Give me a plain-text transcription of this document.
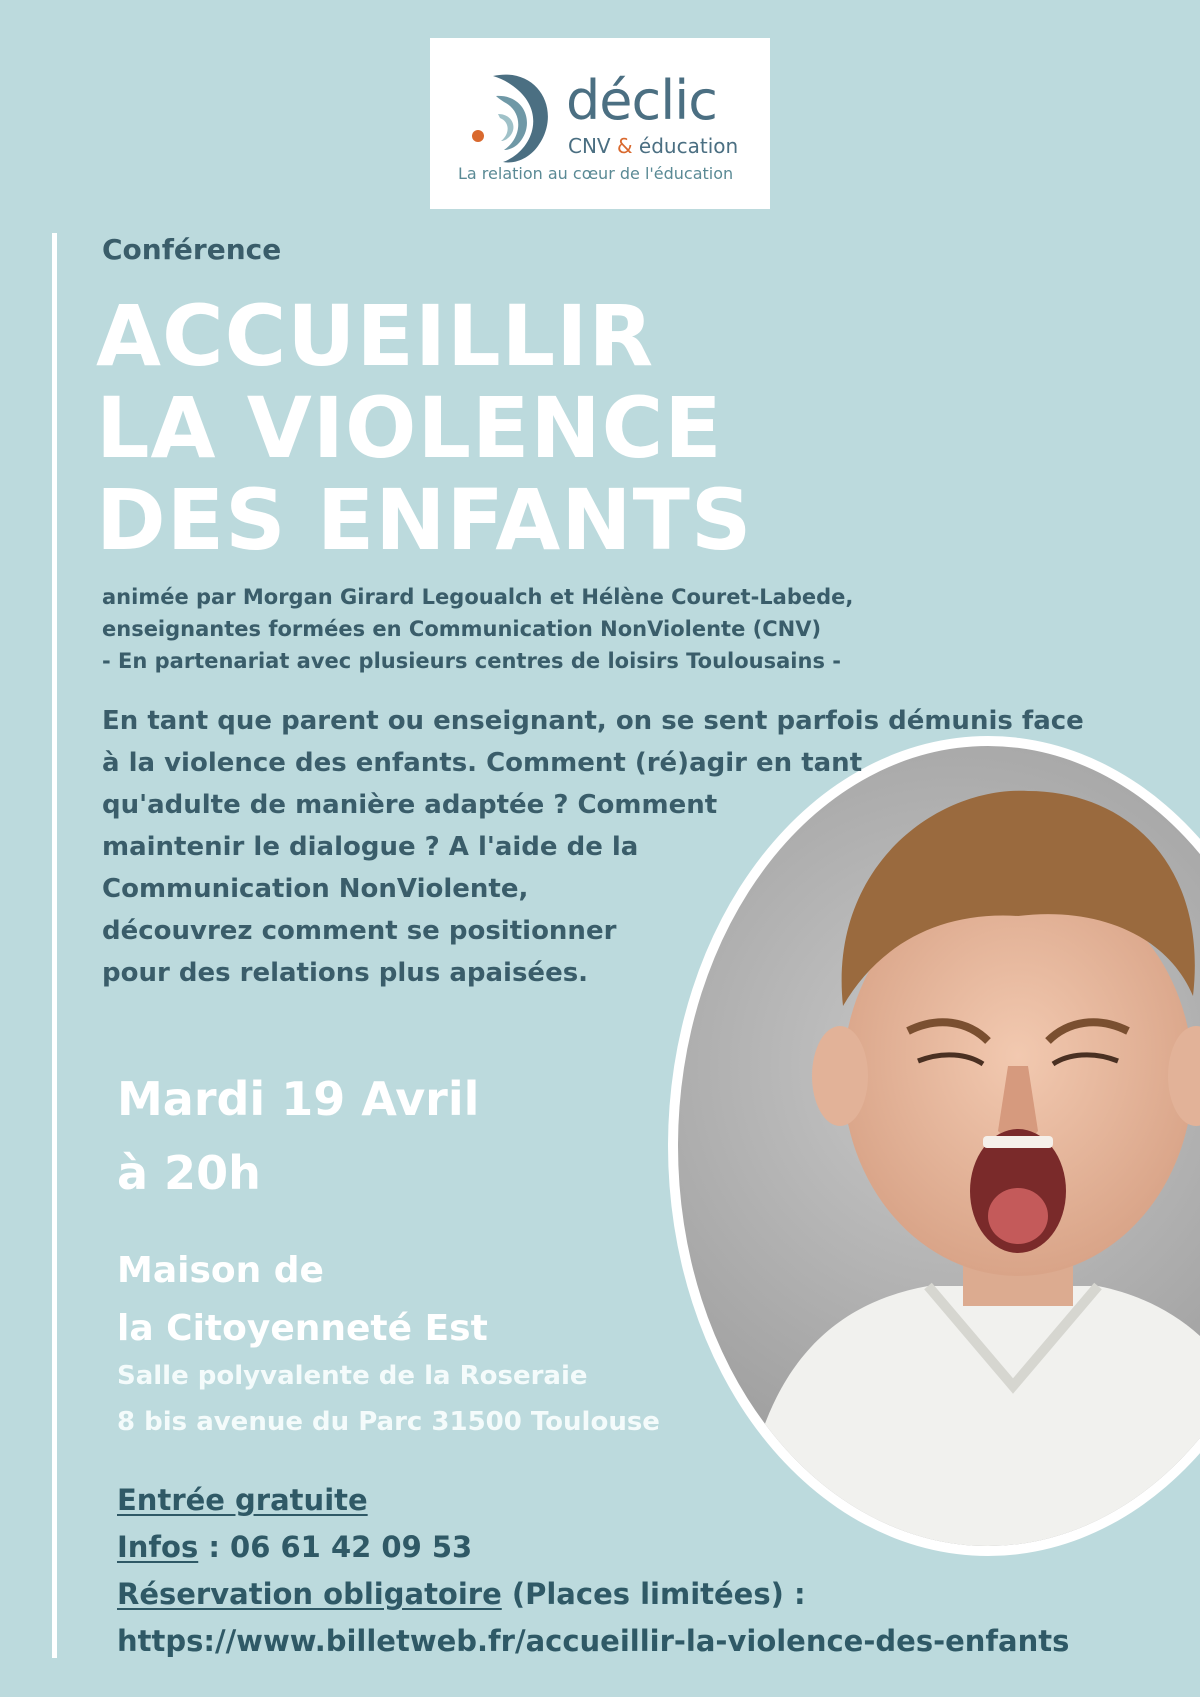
déclic
CNV & éducation
La relation au cœur de l'éducation
Conférence
ACCUEILLIR
LA VIOLENCE
DES ENFANTS
animée par Morgan Girard Legoualch et Hélène Couret-Labede,
enseignantes formées en Communication NonViolente (CNV)
- En partenariat avec plusieurs centres de loisirs Toulousains -
En tant que parent ou enseignant, on se sent parfois démunis face
à la violence des enfants. Comment (ré)agir en tant
qu'adulte de manière adaptée ? Comment
maintenir le dialogue ? A l'aide de la
Communication NonViolente,
découvrez comment se positionner
pour des relations plus apaisées.
Mardi 19 Avril
à 20h
Maison de
la Citoyenneté Est
Salle polyvalente de la Roseraie
8 bis avenue du Parc 31500 Toulouse
Entrée gratuite
Infos : 06 61 42 09 53
Réservation obligatoire (Places limitées) :
https://www.billetweb.fr/accueillir-la-violence-des-enfants
